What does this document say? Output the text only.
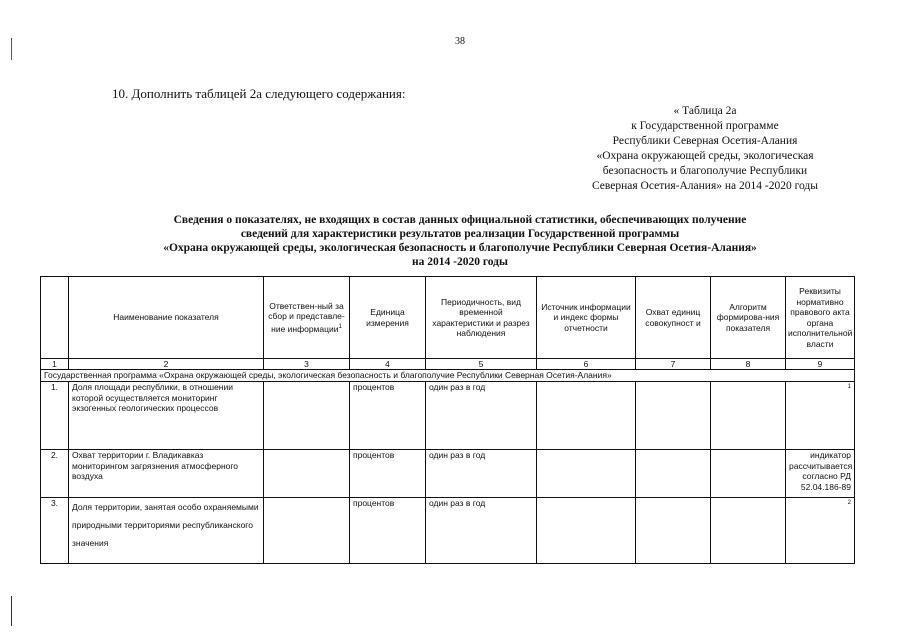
38
10. Дополнить таблицей 2а следующего содержания:
« Таблица 2а
к Государственной программе
Республики Северная Осетия-Алания
«Охрана окружающей среды, экологическая
безопасность и благополучие Республики
Северная Осетия-Алания» на 2014 -2020 годы
Сведения о показателях, не входящих в состав данных официальной статистики, обеспечивающих получение
сведений для характеристики результатов реализации Государственной программы
«Охрана окружающей среды, экологическая безопасность и благополучие Республики Северная Осетия-Алания»
на 2014 -2020 годы
	Наименование показателя	Ответствен-ный за сбор и представле-ние информации$^1$	Единица измерения	Периодичность, вид временной характеристики и разрез наблюдения	Источник информации и индекс формы отчетности	Охват единиц совокупност и	Алгоритм формирова-ния показателя	Реквизиты нормативно правового акта органа исполнительной власти
1	2	3	4	5	6	7	8	9
Государственная программа «Охрана окружающей среды, экологическая безопасность и благополучие Республики Северная Осетия-Алания»								
1.	Доля площади республики, в отношении которой осуществляется мониторинг экзогенных геологических процессов		процентов	один раз в год				$^1$
2.	Охват территории г. Владикавказ мониторингом загрязнения атмосферного воздуха		процентов	один раз в год				индикатор рассчитывается согласно РД 52.04.186-89
3.	Доля территории, занятая особо охраняемыми природными территориями республиканского значения		процентов	один раз в год				$^2$
